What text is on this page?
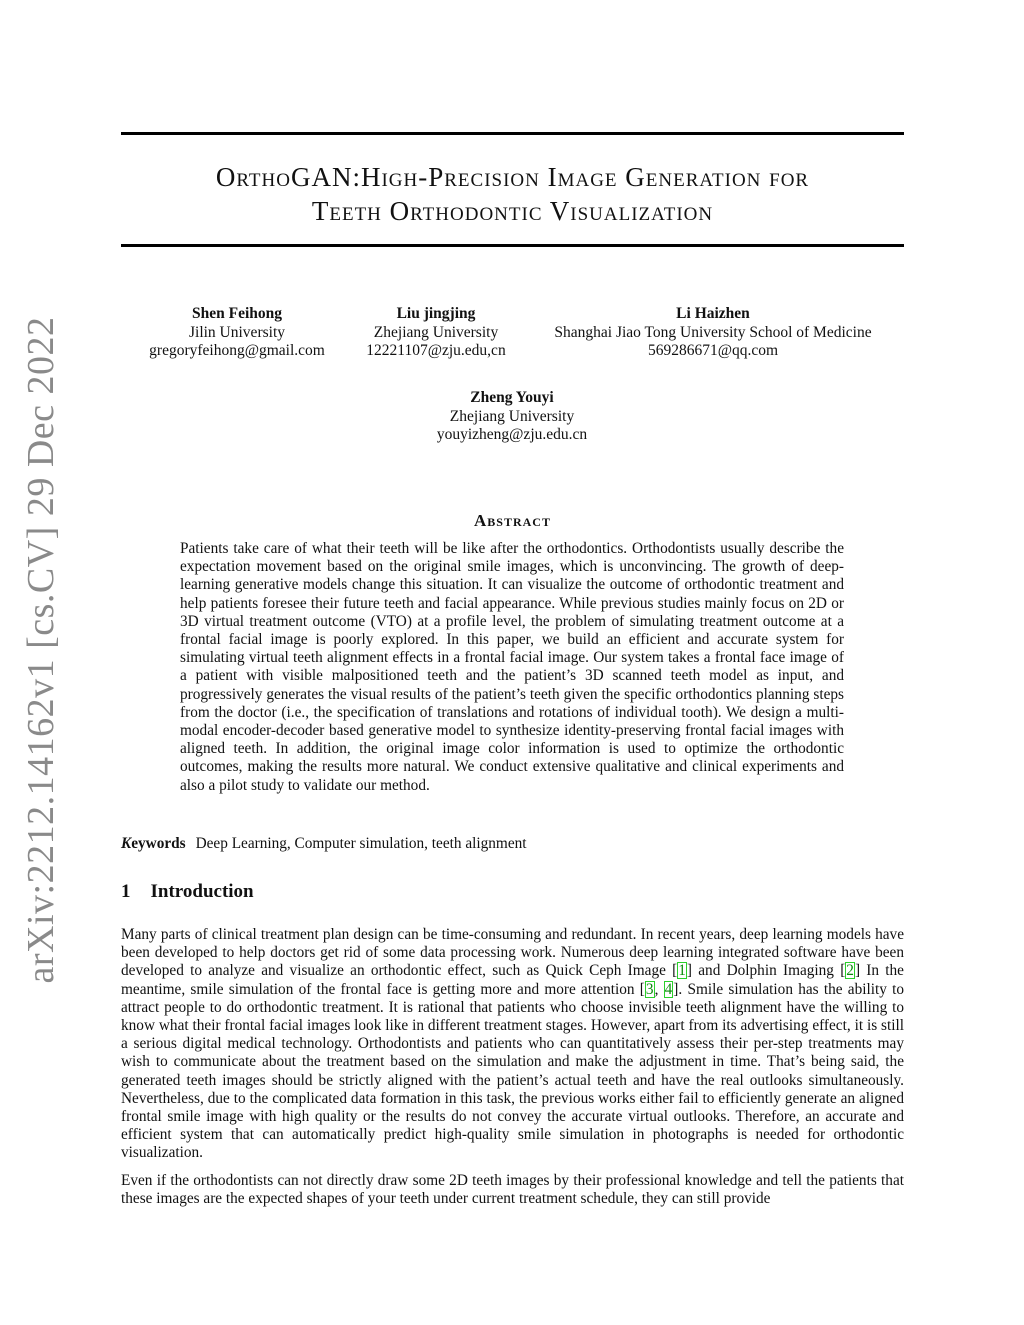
arXiv:2212.14162v1 [cs.CV] 29 Dec 2022
OrthoGAN:High-Precision Image Generation for
Teeth Orthodontic Visualization
Shen Feihong
Jilin University
gregoryfeihong@gmail.com
Liu jingjing
Zhejiang University
12221107@zju.edu,cn
Li Haizhen
Shanghai Jiao Tong University School of Medicine
569286671@qq.com
Zheng Youyi
Zhejiang University
youyizheng@zju.edu.cn
Abstract
Patients take care of what their teeth will be like after the orthodontics. Orthodontists usually describe the expectation movement based on the original smile images, which is unconvincing. The growth of deep-learning generative models change this situation. It can visualize the outcome of orthodontic treatment and help patients foresee their future teeth and facial appearance. While previous studies mainly focus on 2D or 3D virtual treatment outcome (VTO) at a profile level, the problem of simulating treatment outcome at a frontal facial image is poorly explored. In this paper, we build an efficient and accurate system for simulating virtual teeth alignment effects in a frontal facial image. Our system takes a frontal face image of a patient with visible malpositioned teeth and the patient’s 3D scanned teeth model as input, and progressively generates the visual results of the patient’s teeth given the specific orthodontics planning steps from the doctor (i.e., the specification of translations and rotations of individual tooth). We design a multi-modal encoder-decoder based generative model to synthesize identity-preserving frontal facial images with aligned teeth. In addition, the original image color information is used to optimize the orthodontic outcomes, making the results more natural. We conduct extensive qualitative and clinical experiments and also a pilot study to validate our method.
Keywords Deep Learning, Computer simulation, teeth alignment
1 Introduction
Many parts of clinical treatment plan design can be time-consuming and redundant. In recent years, deep learning models have been developed to help doctors get rid of some data processing work. Numerous deep learning integrated software have been developed to analyze and visualize an orthodontic effect, such as Quick Ceph Image [1] and Dolphin Imaging [2] In the meantime, smile simulation of the frontal face is getting more and more attention [3, 4]. Smile simulation has the ability to attract people to do orthodontic treatment. It is rational that patients who choose invisible teeth alignment have the willing to know what their frontal facial images look like in different treatment stages. However, apart from its advertising effect, it is still a serious digital medical technology. Orthodontists and patients who can quantitatively assess their per-step treatments may wish to communicate about the treatment based on the simulation and make the adjustment in time. That’s being said, the generated teeth images should be strictly aligned with the patient’s actual teeth and have the real outlooks simultaneously. Nevertheless, due to the complicated data formation in this task, the previous works either fail to efficiently generate an aligned frontal smile image with high quality or the results do not convey the accurate virtual outlooks. Therefore, an accurate and efficient system that can automatically predict high-quality smile simulation in photographs is needed for orthodontic visualization.
Even if the orthodontists can not directly draw some 2D teeth images by their professional knowledge and tell the patients that these images are the expected shapes of your teeth under current treatment schedule, they can still provide
